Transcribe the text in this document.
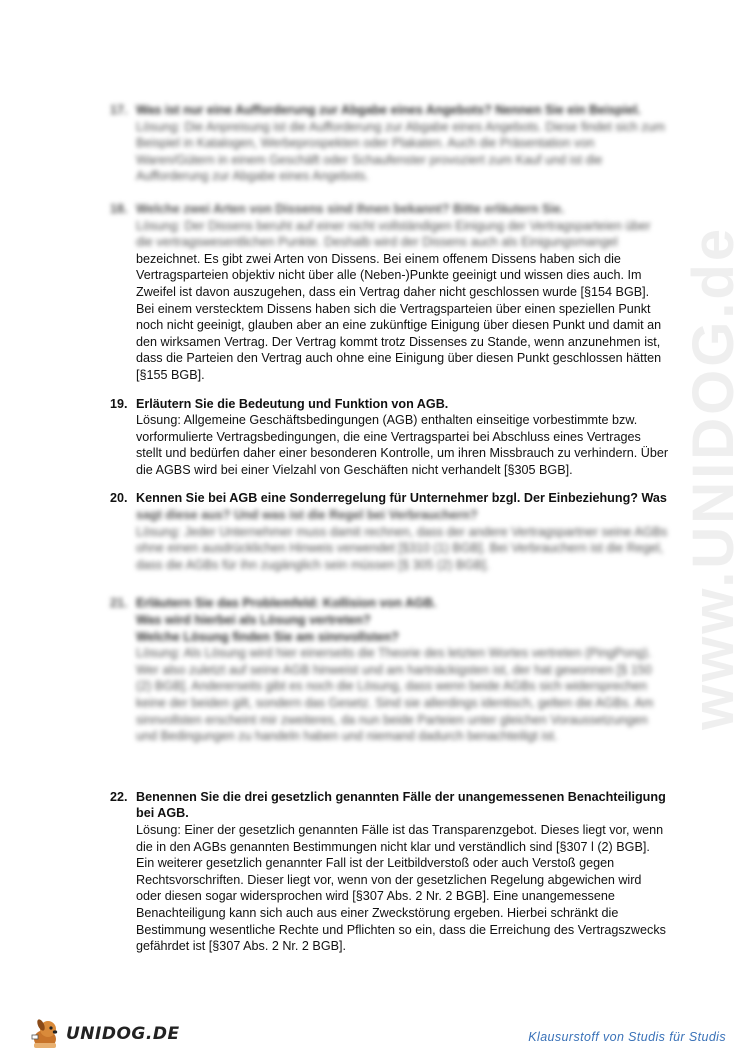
www.UNIDOG.de
17. Was ist nur eine Aufforderung zur Abgabe eines Angebots? Nennen Sie ein Beispiel.
Lösung: Die Anpreisung ist die Aufforderung zur Abgabe eines Angebots. Diese findet sich zum Beispiel in Katalogen, Werbeprospekten oder Plakaten. Auch die Präsentation von Waren/Gütern in einem Geschäft oder Schaufenster provoziert zum Kauf und ist die Aufforderung zur Abgabe eines Angebots.
18. Welche zwei Arten von Dissens sind Ihnen bekannt? Bitte erläutern Sie.
Lösung: Der Dissens beruht auf einer nicht vollständigen Einigung der Vertragsparteien über die vertragswesentlichen Punkte. Deshalb wird der Dissens auch als Einigungsmangel
bezeichnet. Es gibt zwei Arten von Dissens. Bei einem offenem Dissens haben sich die Vertragsparteien objektiv nicht über alle (Neben-)Punkte geeinigt und wissen dies auch. Im Zweifel ist davon auszugehen, dass ein Vertrag daher nicht geschlossen wurde [§154 BGB]. Bei einem verstecktem Dissens haben sich die Vertragsparteien über einen speziellen Punkt noch nicht geeinigt, glauben aber an eine zukünftige Einigung über diesen Punkt und damit an den wirksamen Vertrag. Der Vertrag kommt trotz Dissenses zu Stande, wenn anzunehmen ist, dass die Parteien den Vertrag auch ohne eine Einigung über diesen Punkt geschlossen hätten [§155 BGB].
19. Erläutern Sie die Bedeutung und Funktion von AGB.
Lösung: Allgemeine Geschäftsbedingungen (AGB) enthalten einseitige vorbestimmte bzw. vorformulierte Vertragsbedingungen, die eine Vertragspartei bei Abschluss eines Vertrages stellt und bedürfen daher einer besonderen Kontrolle, um ihren Missbrauch zu verhindern. Über die AGBS wird bei einer Vielzahl von Geschäften nicht verhandelt [§305 BGB].
20. Kennen Sie bei AGB eine Sonderregelung für Unternehmer bzgl. Der Einbeziehung? Was
sagt diese aus? Und was ist die Regel bei Verbrauchern?
Lösung: Jeder Unternehmer muss damit rechnen, dass der andere Vertragspartner seine AGBs ohne einen ausdrücklichen Hinweis verwendet [§310 (1) BGB]. Bei Verbrauchern ist die Regel, dass die AGBs für ihn zugänglich sein müssen [§ 305 (2) BGB].
21. Erläutern Sie das Problemfeld: Kollision von AGB.
Was wird hierbei als Lösung vertreten?
Welche Lösung finden Sie am sinnvollsten?
Lösung: Als Lösung wird hier einerseits die Theorie des letzten Wortes vertreten (PingPong). Wer also zuletzt auf seine AGB hinweist und am hartnäckigsten ist, der hat gewonnen [§ 150 (2) BGB]. Andererseits gibt es noch die Lösung, dass wenn beide AGBs sich widersprechen keine der beiden gilt, sondern das Gesetz. Sind sie allerdings identisch, gelten die AGBs. Am sinnvollsten erscheint mir zweiteres, da nun beide Parteien unter gleichen Voraussetzungen und Bedingungen zu handeln haben und niemand dadurch benachteiligt ist.
22. Benennen Sie die drei gesetzlich genannten Fälle der unangemessenen Benachteiligung bei AGB.
Lösung: Einer der gesetzlich genannten Fälle ist das Transparenzgebot. Dieses liegt vor, wenn die in den AGBs genannten Bestimmungen nicht klar und verständlich sind [§307 l (2) BGB]. Ein weiterer gesetzlich genannter Fall ist der Leitbildverstoß oder auch Verstoß gegen Rechtsvorschriften. Dieser liegt vor, wenn von der gesetzlichen Regelung abgewichen wird oder diesen sogar widersprochen wird [§307 Abs. 2 Nr. 2 BGB]. Eine unangemessene Benachteiligung kann sich auch aus einer Zweckstörung ergeben. Hierbei schränkt die Bestimmung wesentliche Rechte und Pflichten so ein, dass die Erreichung des Vertragszwecks gefährdet ist [§307 Abs. 2 Nr. 2 BGB].
UNIDOG.DE	Klausurstoff von Studis für Studis
